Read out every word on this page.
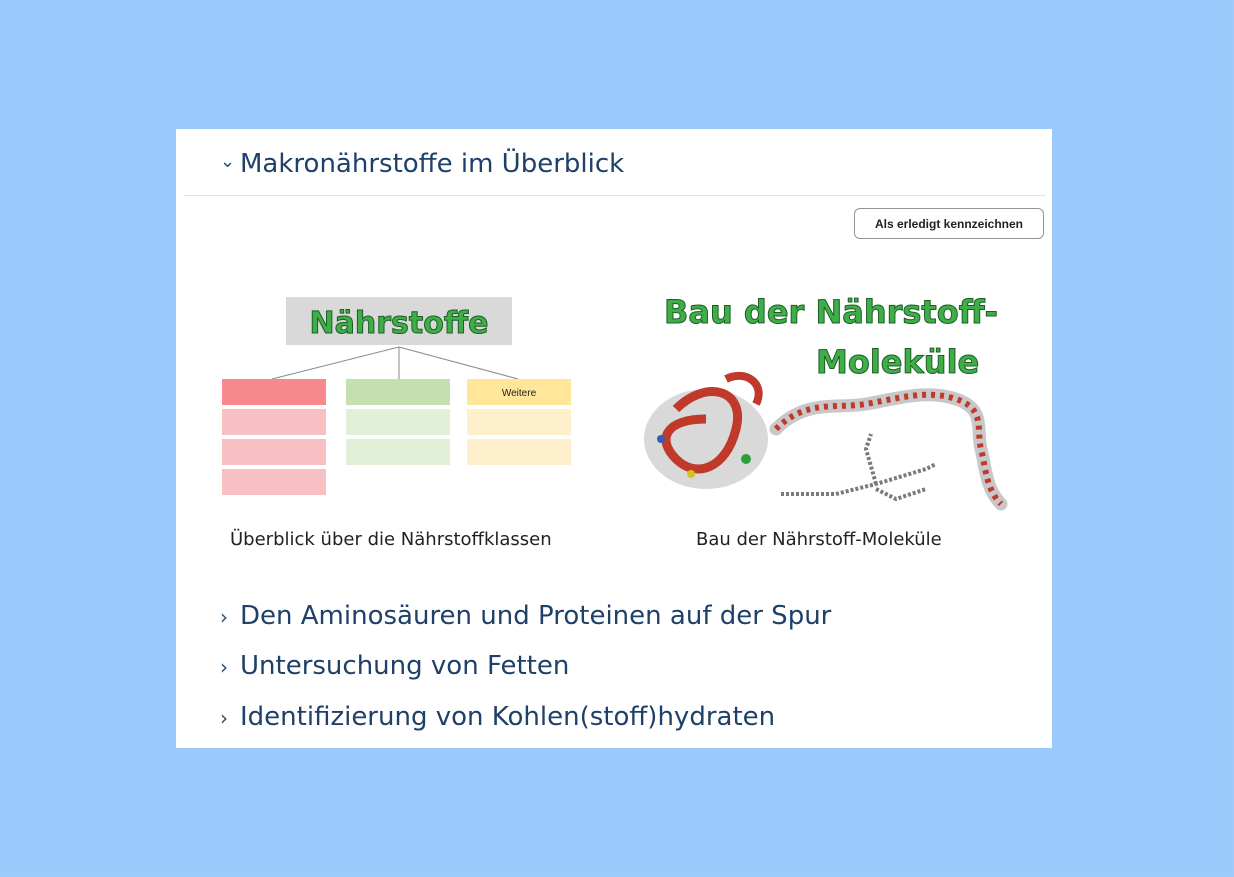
⌄ Makronährstoffe im Überblick
Als erledigt kennzeichnen
Nährstoffe
Weitere
Bau der Nährstoff-
Moleküle
Überblick über die Nährstoffklassen	Bau der Nährstoff-Moleküle
› Den Aminosäuren und Proteinen auf der Spur
› Untersuchung von Fetten
› Identifizierung von Kohlen(stoff)hydraten
